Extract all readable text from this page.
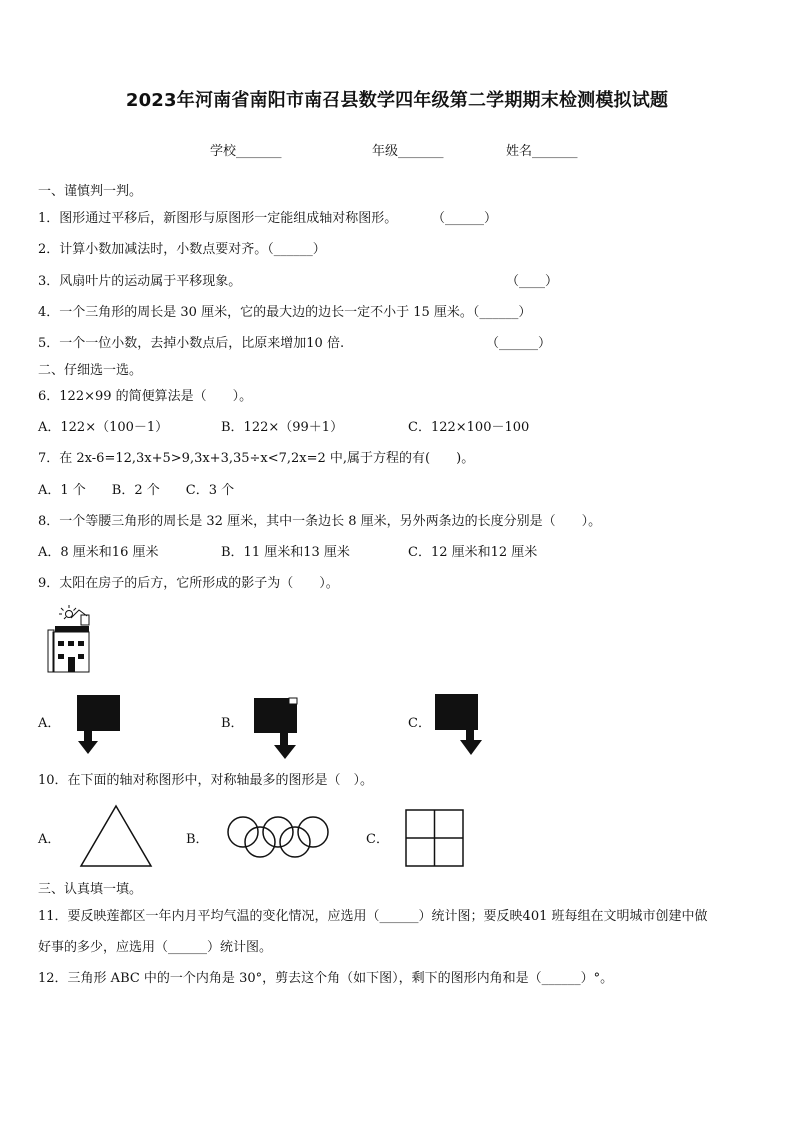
2023年河南省南阳市南召县数学四年级第二学期期末检测模拟试题
学校_______	年级_______	姓名_______
一、谨慎判一判。
1．图形通过平移后，新图形与原图形一定能组成轴对称图形。	（______）
2．计算小数加减法时，小数点要对齐。（______）
3．风扇叶片的运动属于平移现象。	（____）
4．一个三角形的周长是 30 厘米，它的最大边的边长一定不小于 15 厘米。（______）
5．一个一位小数，去掉小数点后，比原来增加10 倍.	（______）
二、仔细选一选。
6．122×99 的简便算法是（　　）。
A．122×（100－1）	B．122×（99＋1）	C．122×100－100
7．在 2x-6=12,3x+5>9,3x+3,35÷x<7,2x=2 中,属于方程的有(　　)。
A．1 个　　B．2 个　　C．3 个
8．一个等腰三角形的周长是 32 厘米，其中一条边长 8 厘米，另外两条边的长度分别是（　　）。
A．8 厘米和16 厘米	B．11 厘米和13 厘米	C．12 厘米和12 厘米
9．太阳在房子的后方，它所形成的影子为（　　）。
A．	B．	C．
10．在下面的轴对称图形中，对称轴最多的图形是（　）。
A．	B．	C．
三、认真填一填。
11．要反映莲都区一年内月平均气温的变化情况，应选用（______）统计图；要反映401 班每组在文明城市创建中做
好事的多少，应选用（______）统计图。
12．三角形 ABC 中的一个内角是 30°，剪去这个角（如下图），剩下的图形内角和是（______）°。
